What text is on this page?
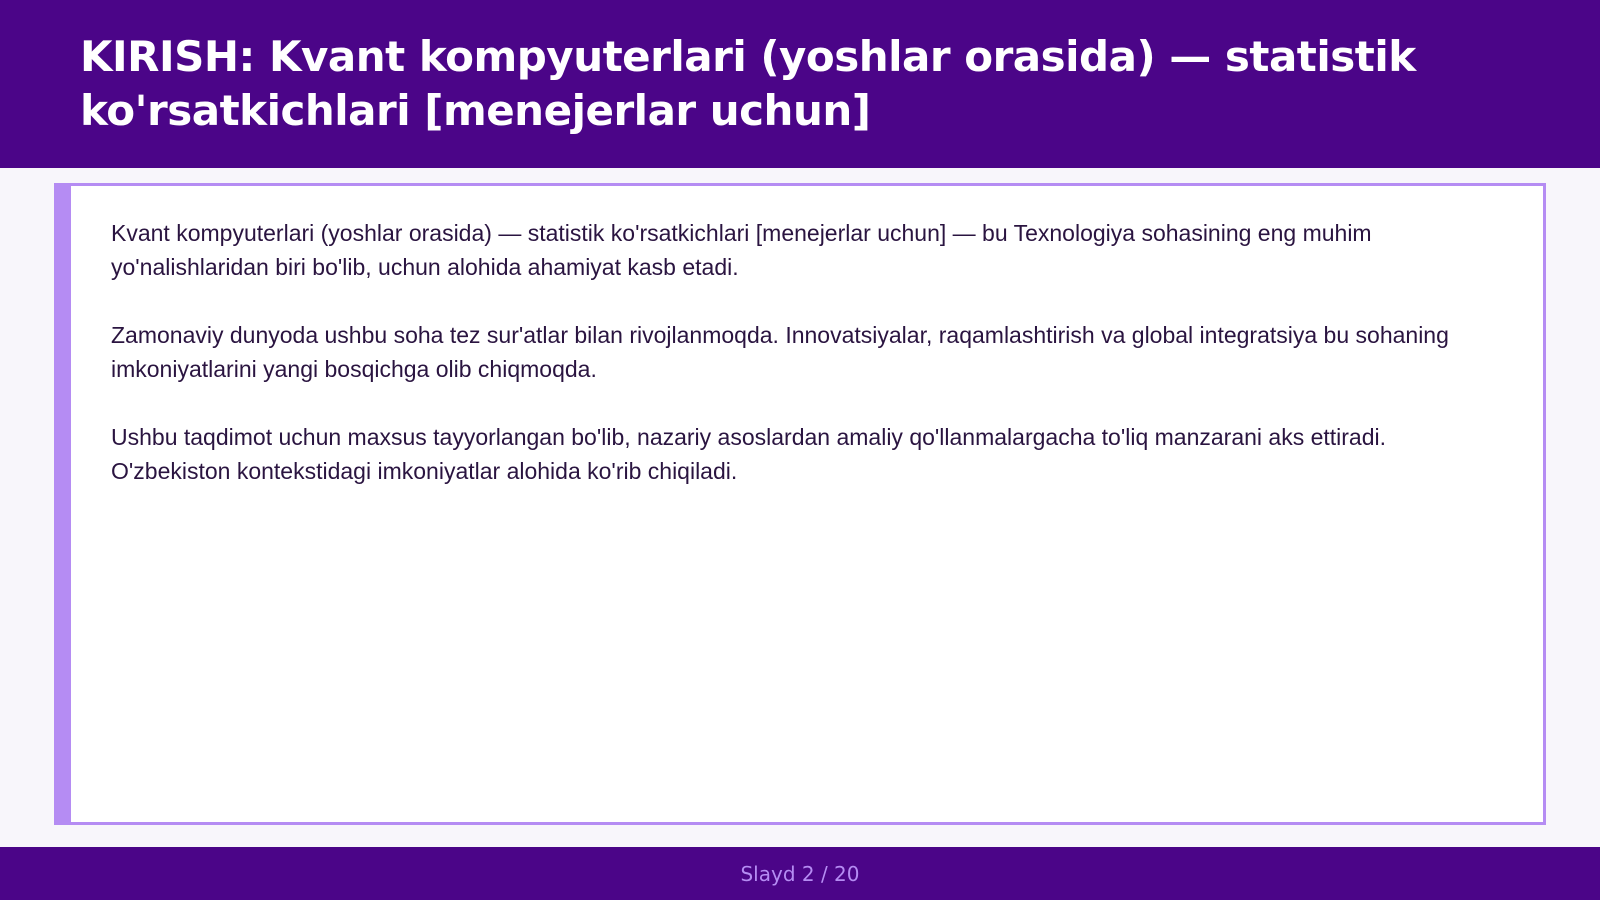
KIRISH: Kvant kompyuterlari (yoshlar orasida) — statistik ko'rsatkichlari [menejerlar uchun]

Kvant kompyuterlari (yoshlar orasida) — statistik ko'rsatkichlari [menejerlar uchun] — bu Texnologiya sohasining eng muhim yo'nalishlaridan biri bo'lib, uchun alohida ahamiyat kasb etadi.

Zamonaviy dunyoda ushbu soha tez sur'atlar bilan rivojlanmoqda. Innovatsiyalar, raqamlashtirish va global integratsiya bu sohaning imkoniyatlarini yangi bosqichga olib chiqmoqda.

Ushbu taqdimot uchun maxsus tayyorlangan bo'lib, nazariy asoslardan amaliy qo'llanmalargacha to'liq manzarani aks ettiradi. O'zbekiston kontekstidagi imkoniyatlar alohida ko'rib chiqiladi.

Slayd 2 / 20
